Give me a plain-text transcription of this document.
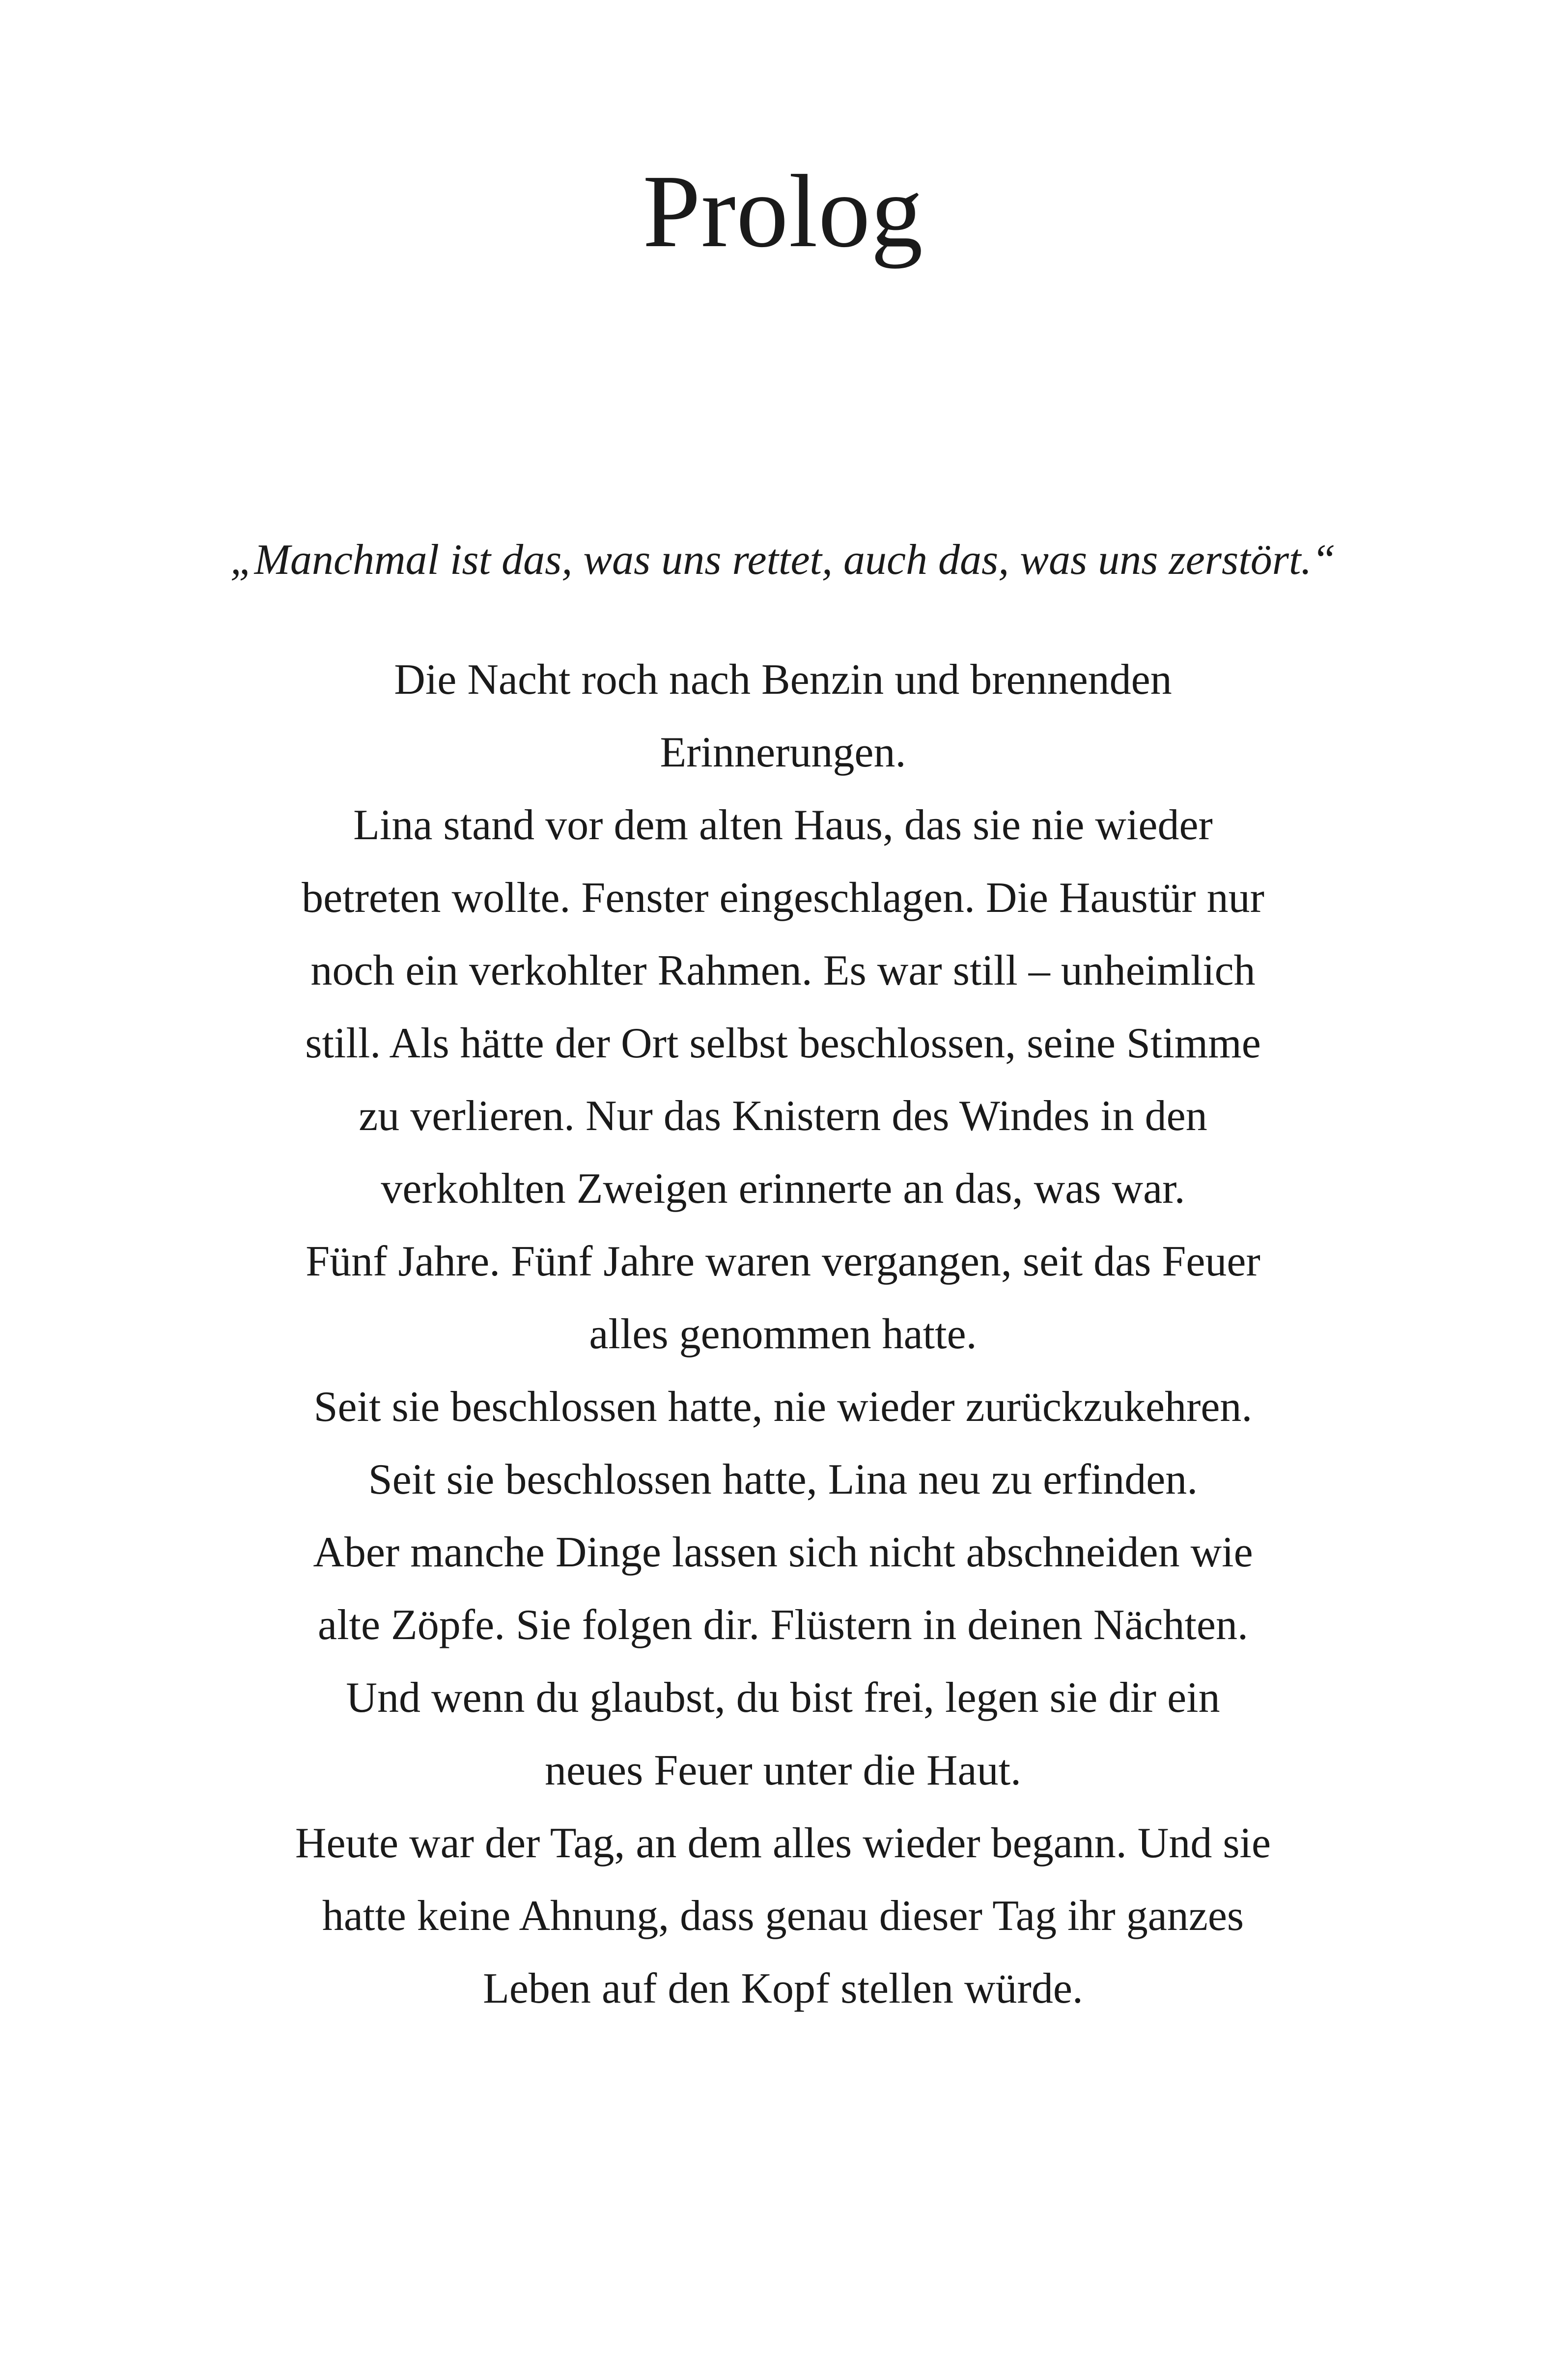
Prolog

„Manchmal ist das, was uns rettet, auch das, was uns zerstört.“

Die Nacht roch nach Benzin und brennenden
Erinnerungen.
Lina stand vor dem alten Haus, das sie nie wieder
betreten wollte. Fenster eingeschlagen. Die Haustür nur
noch ein verkohlter Rahmen. Es war still – unheimlich
still. Als hätte der Ort selbst beschlossen, seine Stimme
zu verlieren. Nur das Knistern des Windes in den
verkohlten Zweigen erinnerte an das, was war.
Fünf Jahre. Fünf Jahre waren vergangen, seit das Feuer
alles genommen hatte.
Seit sie beschlossen hatte, nie wieder zurückzukehren.
Seit sie beschlossen hatte, Lina neu zu erfinden.
Aber manche Dinge lassen sich nicht abschneiden wie
alte Zöpfe. Sie folgen dir. Flüstern in deinen Nächten.
Und wenn du glaubst, du bist frei, legen sie dir ein
neues Feuer unter die Haut.
Heute war der Tag, an dem alles wieder begann. Und sie
hatte keine Ahnung, dass genau dieser Tag ihr ganzes
Leben auf den Kopf stellen würde.
